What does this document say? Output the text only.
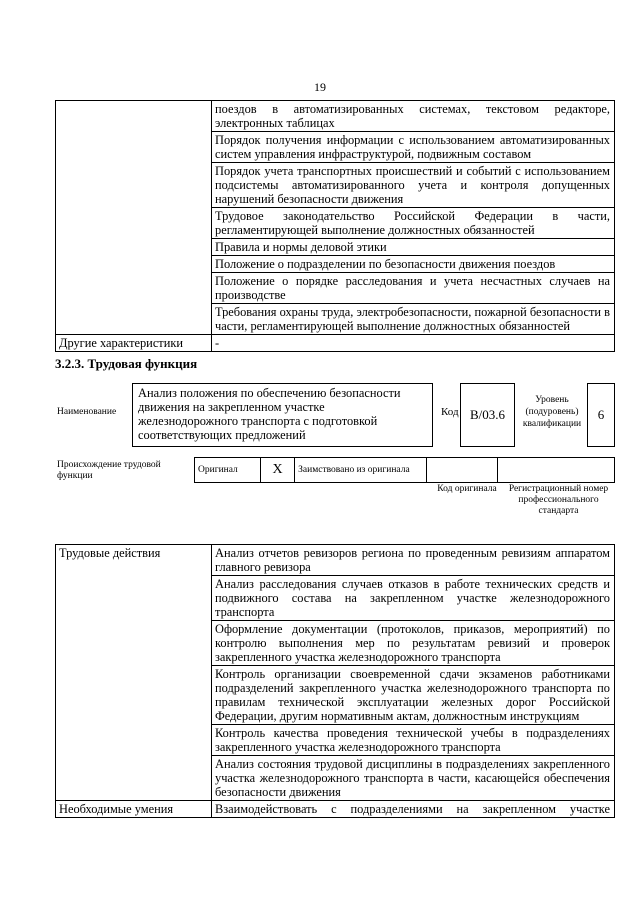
19
	поездов в автоматизированных системах, текстовом редакторе, электронных таблицах
	Порядок получения информации с использованием автоматизированных систем управления инфраструктурой, подвижным составом
	Порядок учета транспортных происшествий и событий с использованием подсистемы автоматизированного учета и контроля допущенных нарушений безопасности движения
	Трудовое законодательство Российской Федерации в части, регламентирующей выполнение должностных обязанностей
	Правила и нормы деловой этики
	Положение о подразделении по безопасности движения поездов
	Положение о порядке расследования и учета несчастных случаев на производстве
	Требования охраны труда, электробезопасности, пожарной безопасности в части, регламентирующей выполнение должностных обязанностей
Другие характеристики	-
3.2.3. Трудовая функция
Наименование
Анализ положения по обеспечению безопасности движения на закрепленном участке железнодорожного транспорта с подготовкой соответствующих предложений
Код B/03.6
Уровень (подуровень) квалификации
6
Происхождение трудовой функции
Оригинал	X	Заимствовано из оригинала		
Код оригинала	Регистрационный номер профессионального стандарта
Трудовые действия	Анализ отчетов ревизоров региона по проведенным ревизиям аппаратом главного ревизора
	Анализ расследования случаев отказов в работе технических средств и подвижного состава на закрепленном участке железнодорожного транспорта
	Оформление документации (протоколов, приказов, мероприятий) по контролю выполнения мер по результатам ревизий и проверок закрепленного участка железнодорожного транспорта
	Контроль организации своевременной сдачи экзаменов работниками подразделений закрепленного участка железнодорожного транспорта по правилам технической эксплуатации железных дорог Российской Федерации, другим нормативным актам, должностным инструкциям
	Контроль качества проведения технической учебы в подразделениях закрепленного участка железнодорожного транспорта
	Анализ состояния трудовой дисциплины в подразделениях закрепленного участка железнодорожного транспорта в части, касающейся обеспечения безопасности движения
Необходимые умения	Взаимодействовать с подразделениями на закрепленном участке
